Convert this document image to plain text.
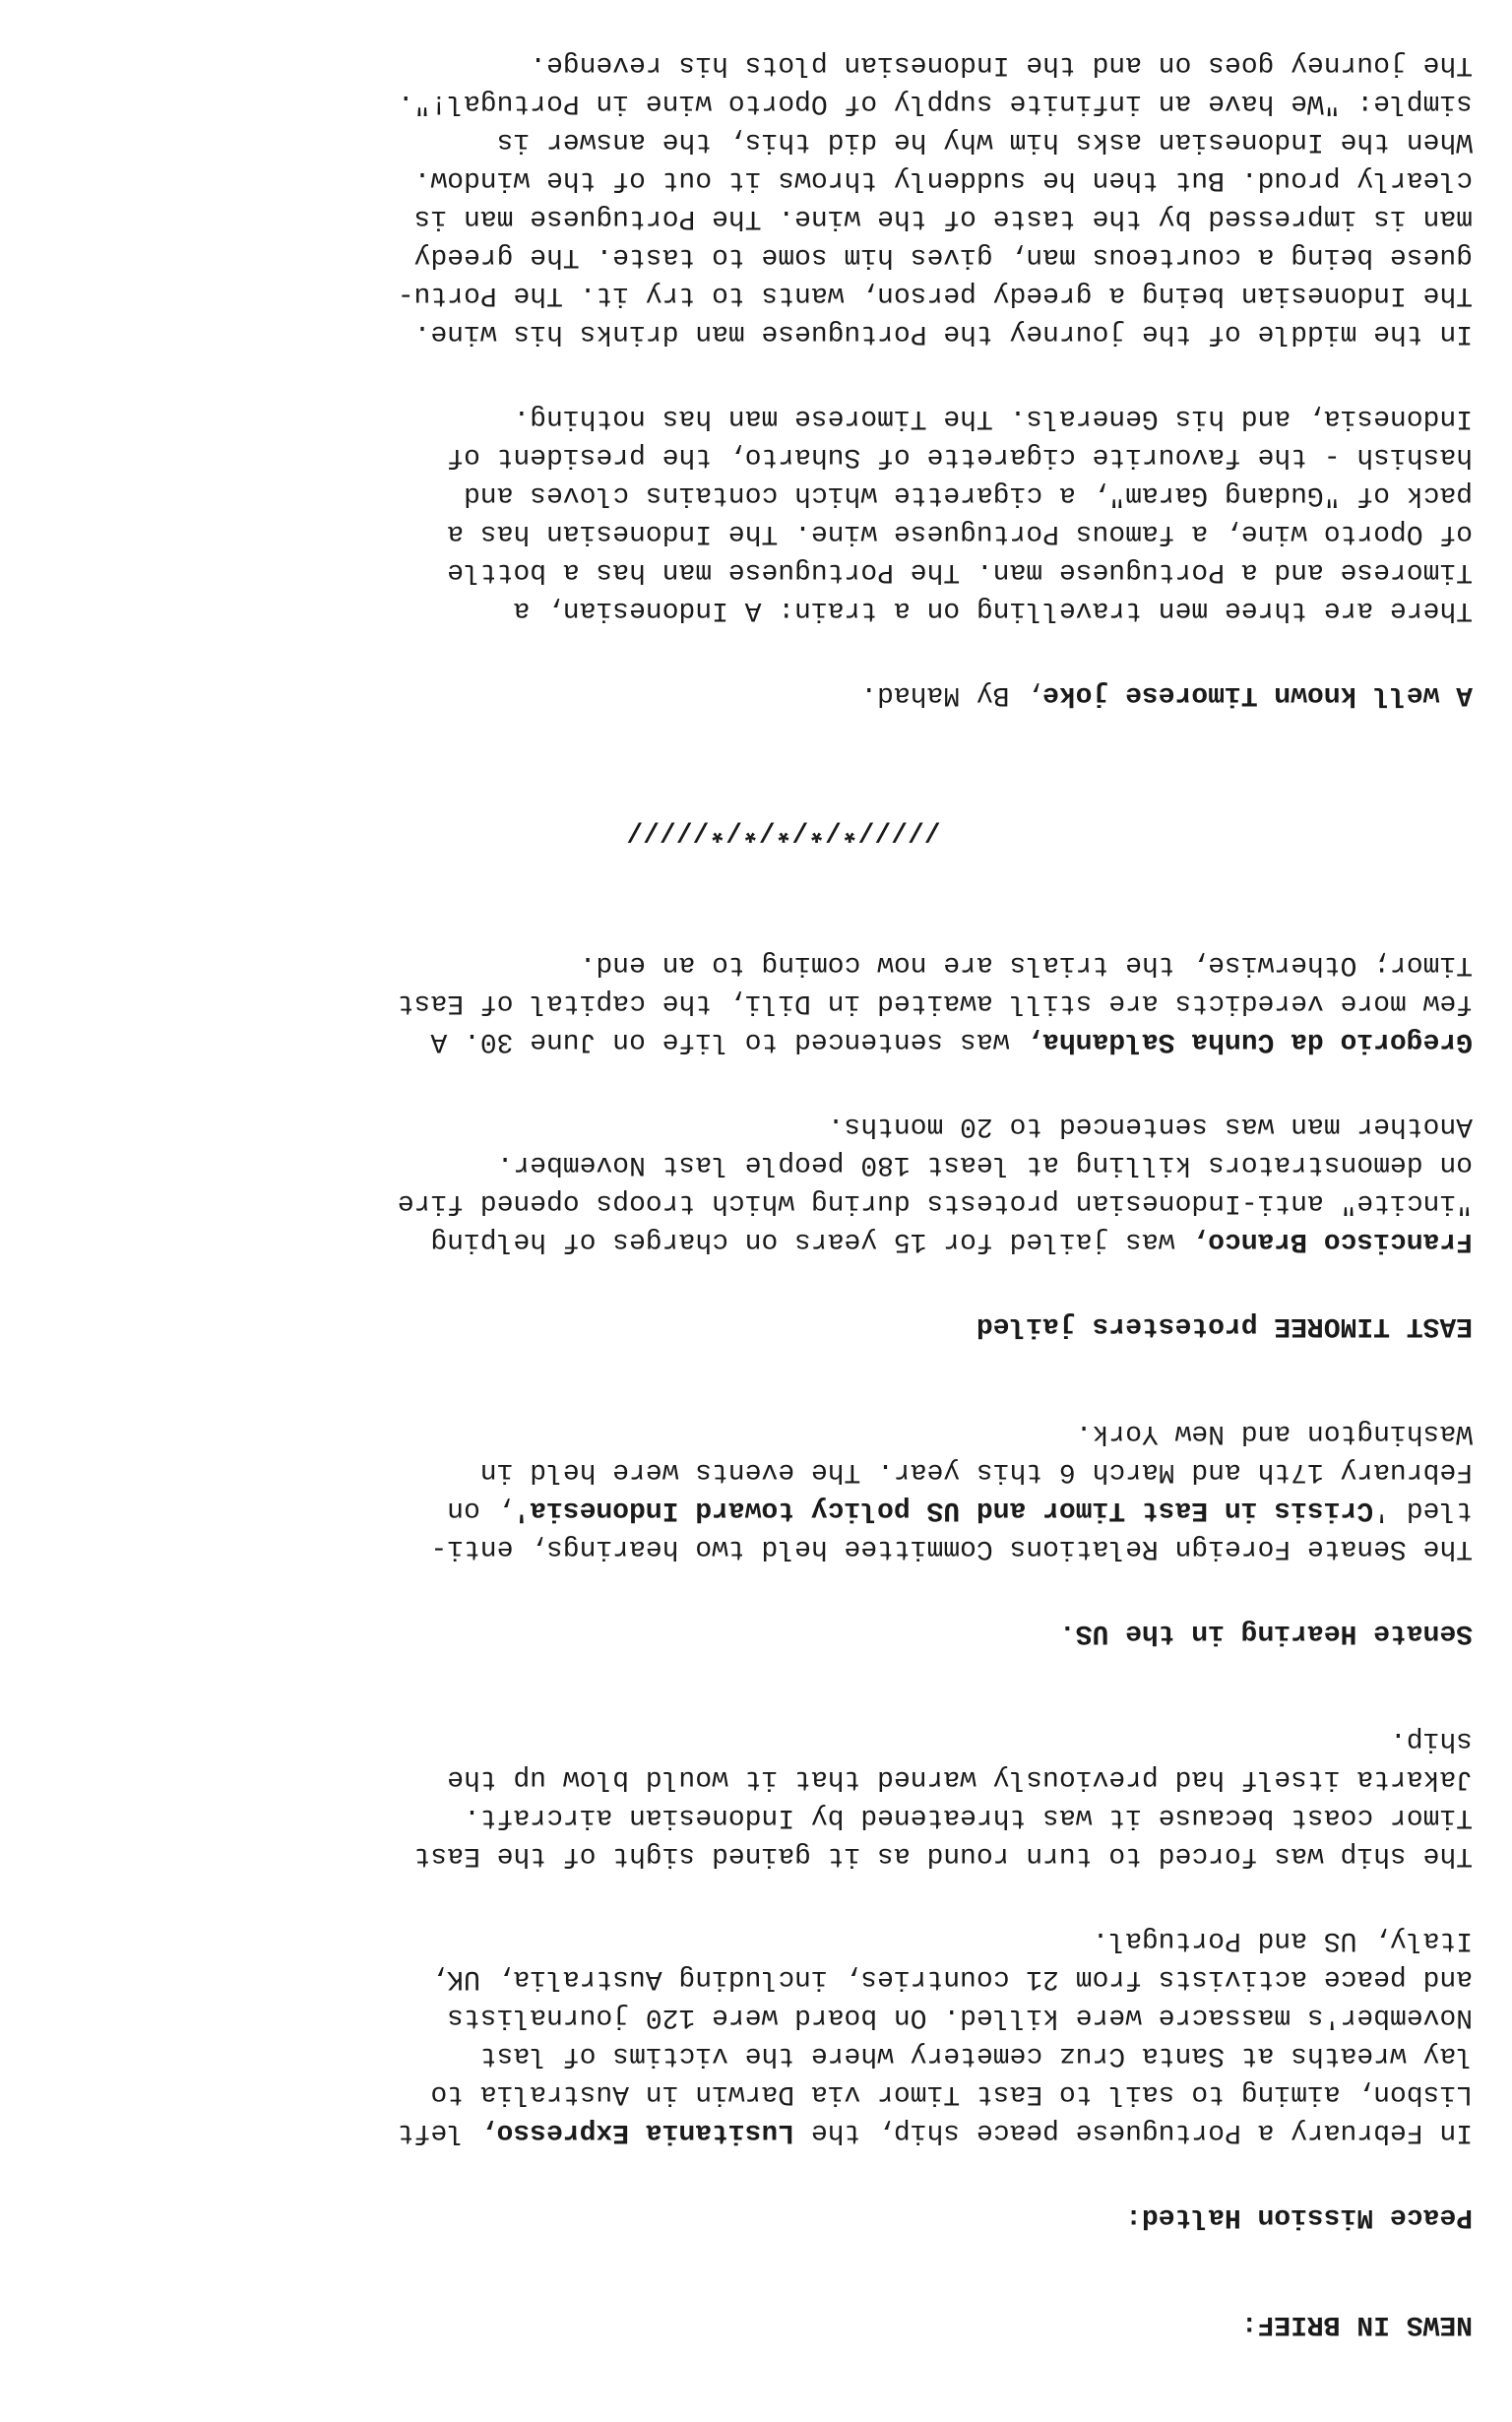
NEWS IN BRIEF:

Peace Mission Halted:

In February a Portuguese peace ship, the Lusitania Expresso, left
Lisbon, aiming to sail to East Timor via Darwin in Australia to
lay wreaths at Santa Cruz cemetery where the victims of last
November's massacre were killed. On board were 120 journalists
and peace activists from 21 countries, including Australia, UK,
Italy, US and Portugal.
The ship was forced to turn round as it gained sight of the East
Timor coast because it was threatened by Indonesian aircraft.
Jakarta itself had previously warned that it would blow up the
ship.

Senate Hearing in the US.

The Senate Foreign Relations Committee held two hearings, enti-
tled 'Crisis in East Timor and US policy toward Indonesia', on
February 17th and March 6 this year. The events were held in
Washington and New York.

EAST TIMOREE protesters jailed

Francisco Branco, was jailed for 15 years on charges of helping
"incite" anti-Indonesian protests during which troops opened fire
on demonstrators killing at least 180 people last November.
Another man was sentenced to 20 months.
Gregorio da Cunha Saldanha, was sentenced to life on June 30. A
few more veredicts are still awaited in Dili, the capital of East
Timor; Otherwise, the trials are now coming to an end.

/////*/*/*/*/*/////

A well known Timorese joke, By Mahad.

There are three men travelling on a train: A Indonesian, a
Timorese and a Portuguese man. The Portuguese man has a bottle
of Oporto wine, a famous Portuguese wine. The Indonesian has a
pack of "Gudang Garam", a cigarette which contains cloves and
hashish - the favourite cigarette of Suharto, the president of
Indonesia, and his Generals. The Timorese man has nothing.
In the middle of the journey the Portuguese man drinks his wine.
The Indonesian being a greedy person, wants to try it. The Portu-
guese being a courteous man, gives him some to taste. The greedy
man is impressed by the taste of the wine. The Portuguese man is
clearly proud. But then he suddenly throws it out of the window.
When the Indonesian asks him why he did this, the answer is
simple: "We have an infinite supply of Oporto wine in Portugal!".
The journey goes on and the Indonesian plots his revenge.
